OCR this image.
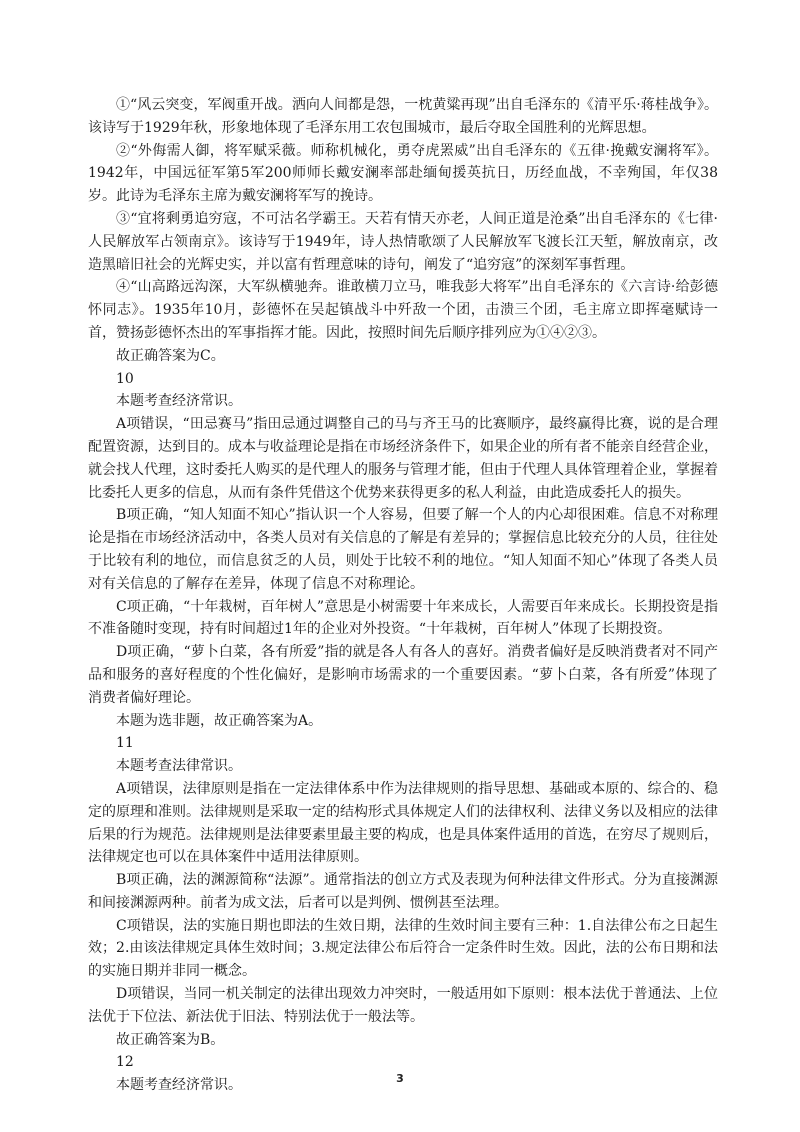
①“风云突变，军阀重开战。洒向人间都是怨，一枕黄粱再现”出自毛泽东的《清平乐·蒋桂战争》。该诗写于1929年秋，形象地体现了毛泽东用工农包围城市，最后夺取全国胜利的光辉思想。

②“外侮需人御，将军赋采薇。师称机械化，勇夺虎罴威”出自毛泽东的《五律·挽戴安澜将军》。1942年，中国远征军第5军200师师长戴安澜率部赴缅甸援英抗日，历经血战，不幸殉国，年仅38岁。此诗为毛泽东主席为戴安澜将军写的挽诗。

③“宜将剩勇追穷寇，不可沽名学霸王。天若有情天亦老，人间正道是沧桑”出自毛泽东的《七律·人民解放军占领南京》。该诗写于1949年，诗人热情歌颂了人民解放军飞渡长江天堑，解放南京，改造黑暗旧社会的光辉史实，并以富有哲理意味的诗句，阐发了“追穷寇”的深刻军事哲理。

④“山高路远沟深，大军纵横驰奔。谁敢横刀立马，唯我彭大将军”出自毛泽东的《六言诗·给彭德怀同志》。1935年10月，彭德怀在吴起镇战斗中歼敌一个团，击溃三个团，毛主席立即挥毫赋诗一首，赞扬彭德怀杰出的军事指挥才能。因此，按照时间先后顺序排列应为①④②③。

故正确答案为C。

10

本题考查经济常识。

A项错误，“田忌赛马”指田忌通过调整自己的马与齐王马的比赛顺序，最终赢得比赛，说的是合理配置资源，达到目的。成本与收益理论是指在市场经济条件下，如果企业的所有者不能亲自经营企业，就会找人代理，这时委托人购买的是代理人的服务与管理才能，但由于代理人具体管理着企业，掌握着比委托人更多的信息，从而有条件凭借这个优势来获得更多的私人利益，由此造成委托人的损失。

B项正确，“知人知面不知心”指认识一个人容易，但要了解一个人的内心却很困难。信息不对称理论是指在市场经济活动中，各类人员对有关信息的了解是有差异的；掌握信息比较充分的人员，往往处于比较有利的地位，而信息贫乏的人员，则处于比较不利的地位。“知人知面不知心”体现了各类人员对有关信息的了解存在差异，体现了信息不对称理论。

C项正确，“十年栽树，百年树人”意思是小树需要十年来成长，人需要百年来成长。长期投资是指不准备随时变现，持有时间超过1年的企业对外投资。“十年栽树，百年树人”体现了长期投资。

D项正确，“萝卜白菜，各有所爱”指的就是各人有各人的喜好。消费者偏好是反映消费者对不同产品和服务的喜好程度的个性化偏好，是影响市场需求的一个重要因素。“萝卜白菜，各有所爱”体现了消费者偏好理论。

本题为选非题，故正确答案为A。

11

本题考查法律常识。

A项错误，法律原则是指在一定法律体系中作为法律规则的指导思想、基础或本原的、综合的、稳定的原理和准则。法律规则是采取一定的结构形式具体规定人们的法律权利、法律义务以及相应的法律后果的行为规范。法律规则是法律要素里最主要的构成，也是具体案件适用的首选，在穷尽了规则后，法律规定也可以在具体案件中适用法律原则。

B项正确，法的渊源简称“法源”。通常指法的创立方式及表现为何种法律文件形式。分为直接渊源和间接渊源两种。前者为成文法，后者可以是判例、惯例甚至法理。

C项错误，法的实施日期也即法的生效日期，法律的生效时间主要有三种：1.自法律公布之日起生效；2.由该法律规定具体生效时间；3.规定法律公布后符合一定条件时生效。因此，法的公布日期和法的实施日期并非同一概念。

D项错误，当同一机关制定的法律出现效力冲突时，一般适用如下原则：根本法优于普通法、上位法优于下位法、新法优于旧法、特别法优于一般法等。

故正确答案为B。

12

本题考查经济常识。	3
